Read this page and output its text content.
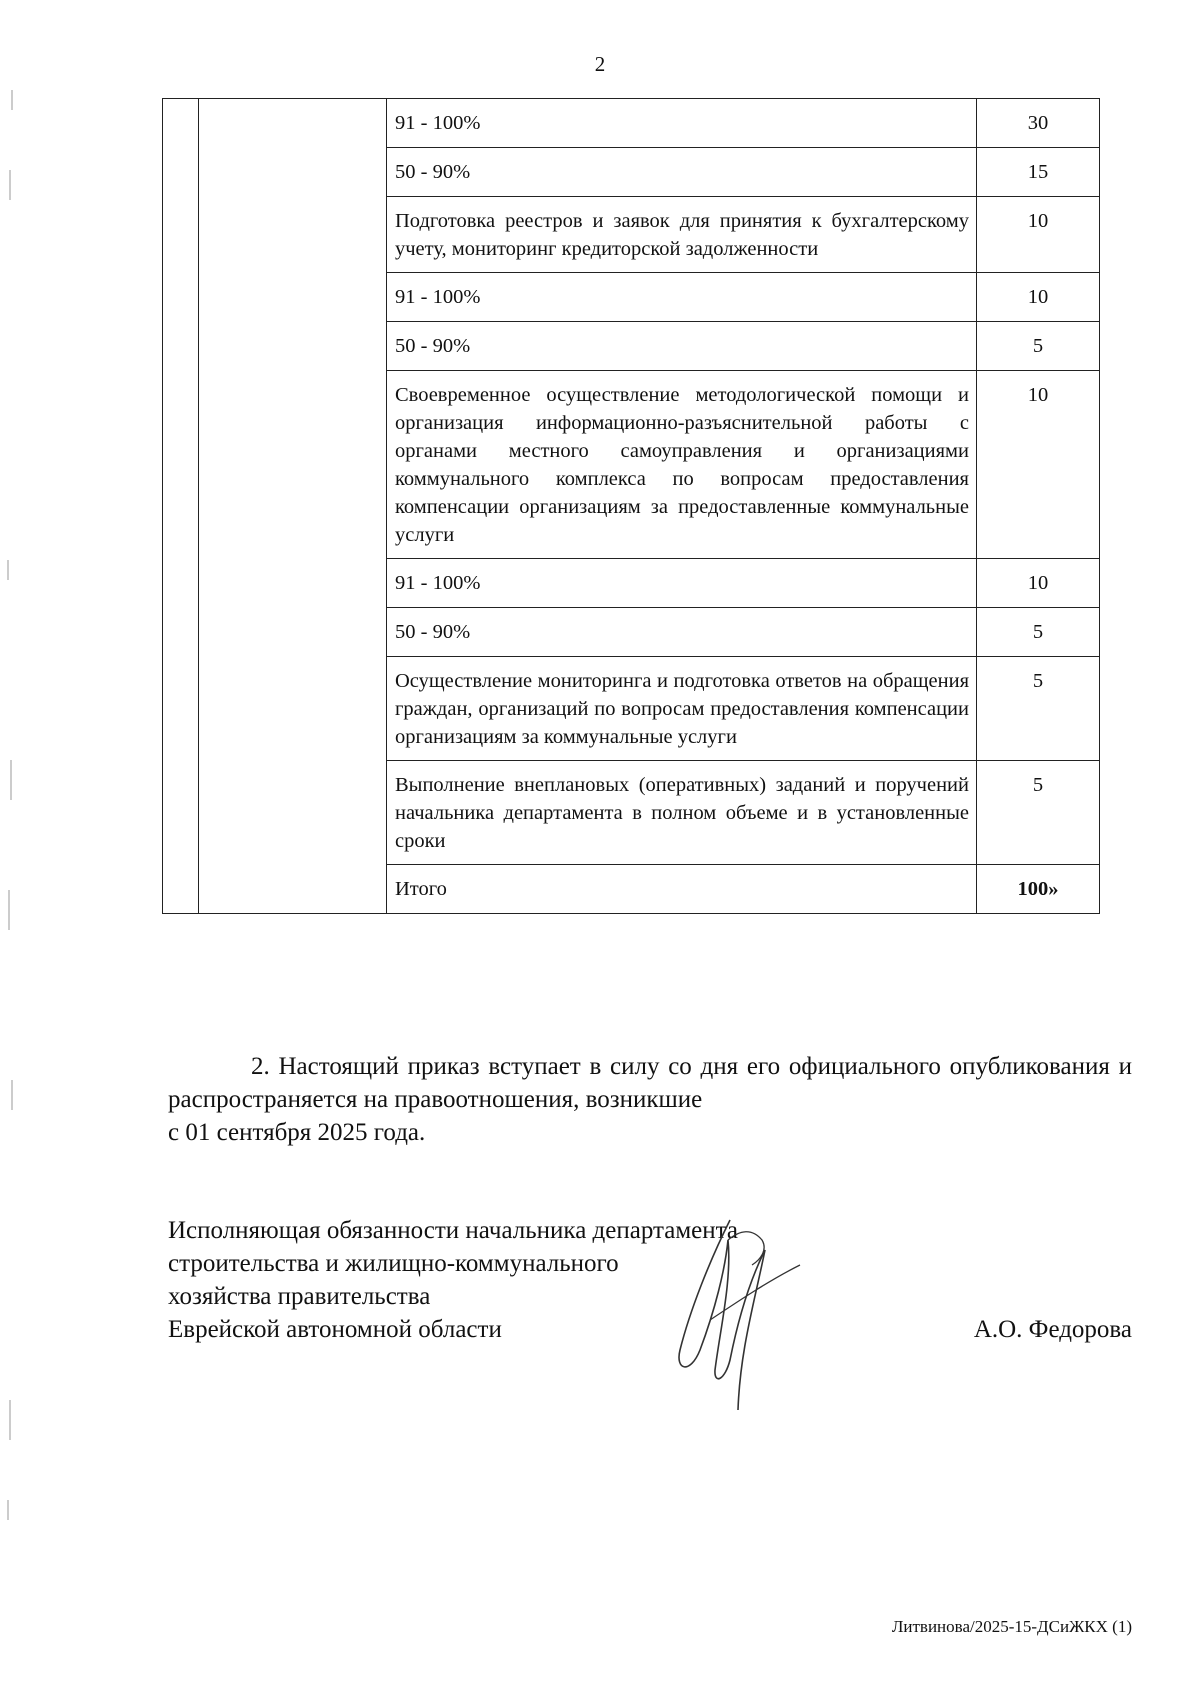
2
		91 - 100%	30
		50 - 90%	15
		Подготовка реестров и заявок для принятия к бухгалтерскому учету, мониторинг кредиторской задолженности	10
		91 - 100%	10
		50 - 90%	5
		Своевременное осуществление методологической помощи и организация информационно-разъяснительной работы с органами местного самоуправления и организациями коммунального комплекса по вопросам предоставления компенсации организациям за предоставленные коммунальные услуги	10
		91 - 100%	10
		50 - 90%	5
		Осуществление мониторинга и подготовка ответов на обращения граждан, организаций по вопросам предоставления компенсации организациям за коммунальные услуги	5
		Выполнение внеплановых (оперативных) заданий и поручений начальника департамента в полном объеме и в установленные сроки	5
		Итого	100»
2. Настоящий приказ вступает в силу со дня его официального опубликования и распространяется на правоотношения, возникшие
с 01 сентября 2025 года.
Исполняющая обязанности начальника департамента
строительства и жилищно-коммунального
хозяйства правительства
Еврейской автономной области	А.О. Федорова
Литвинова/2025-15-ДСиЖКХ (1)
